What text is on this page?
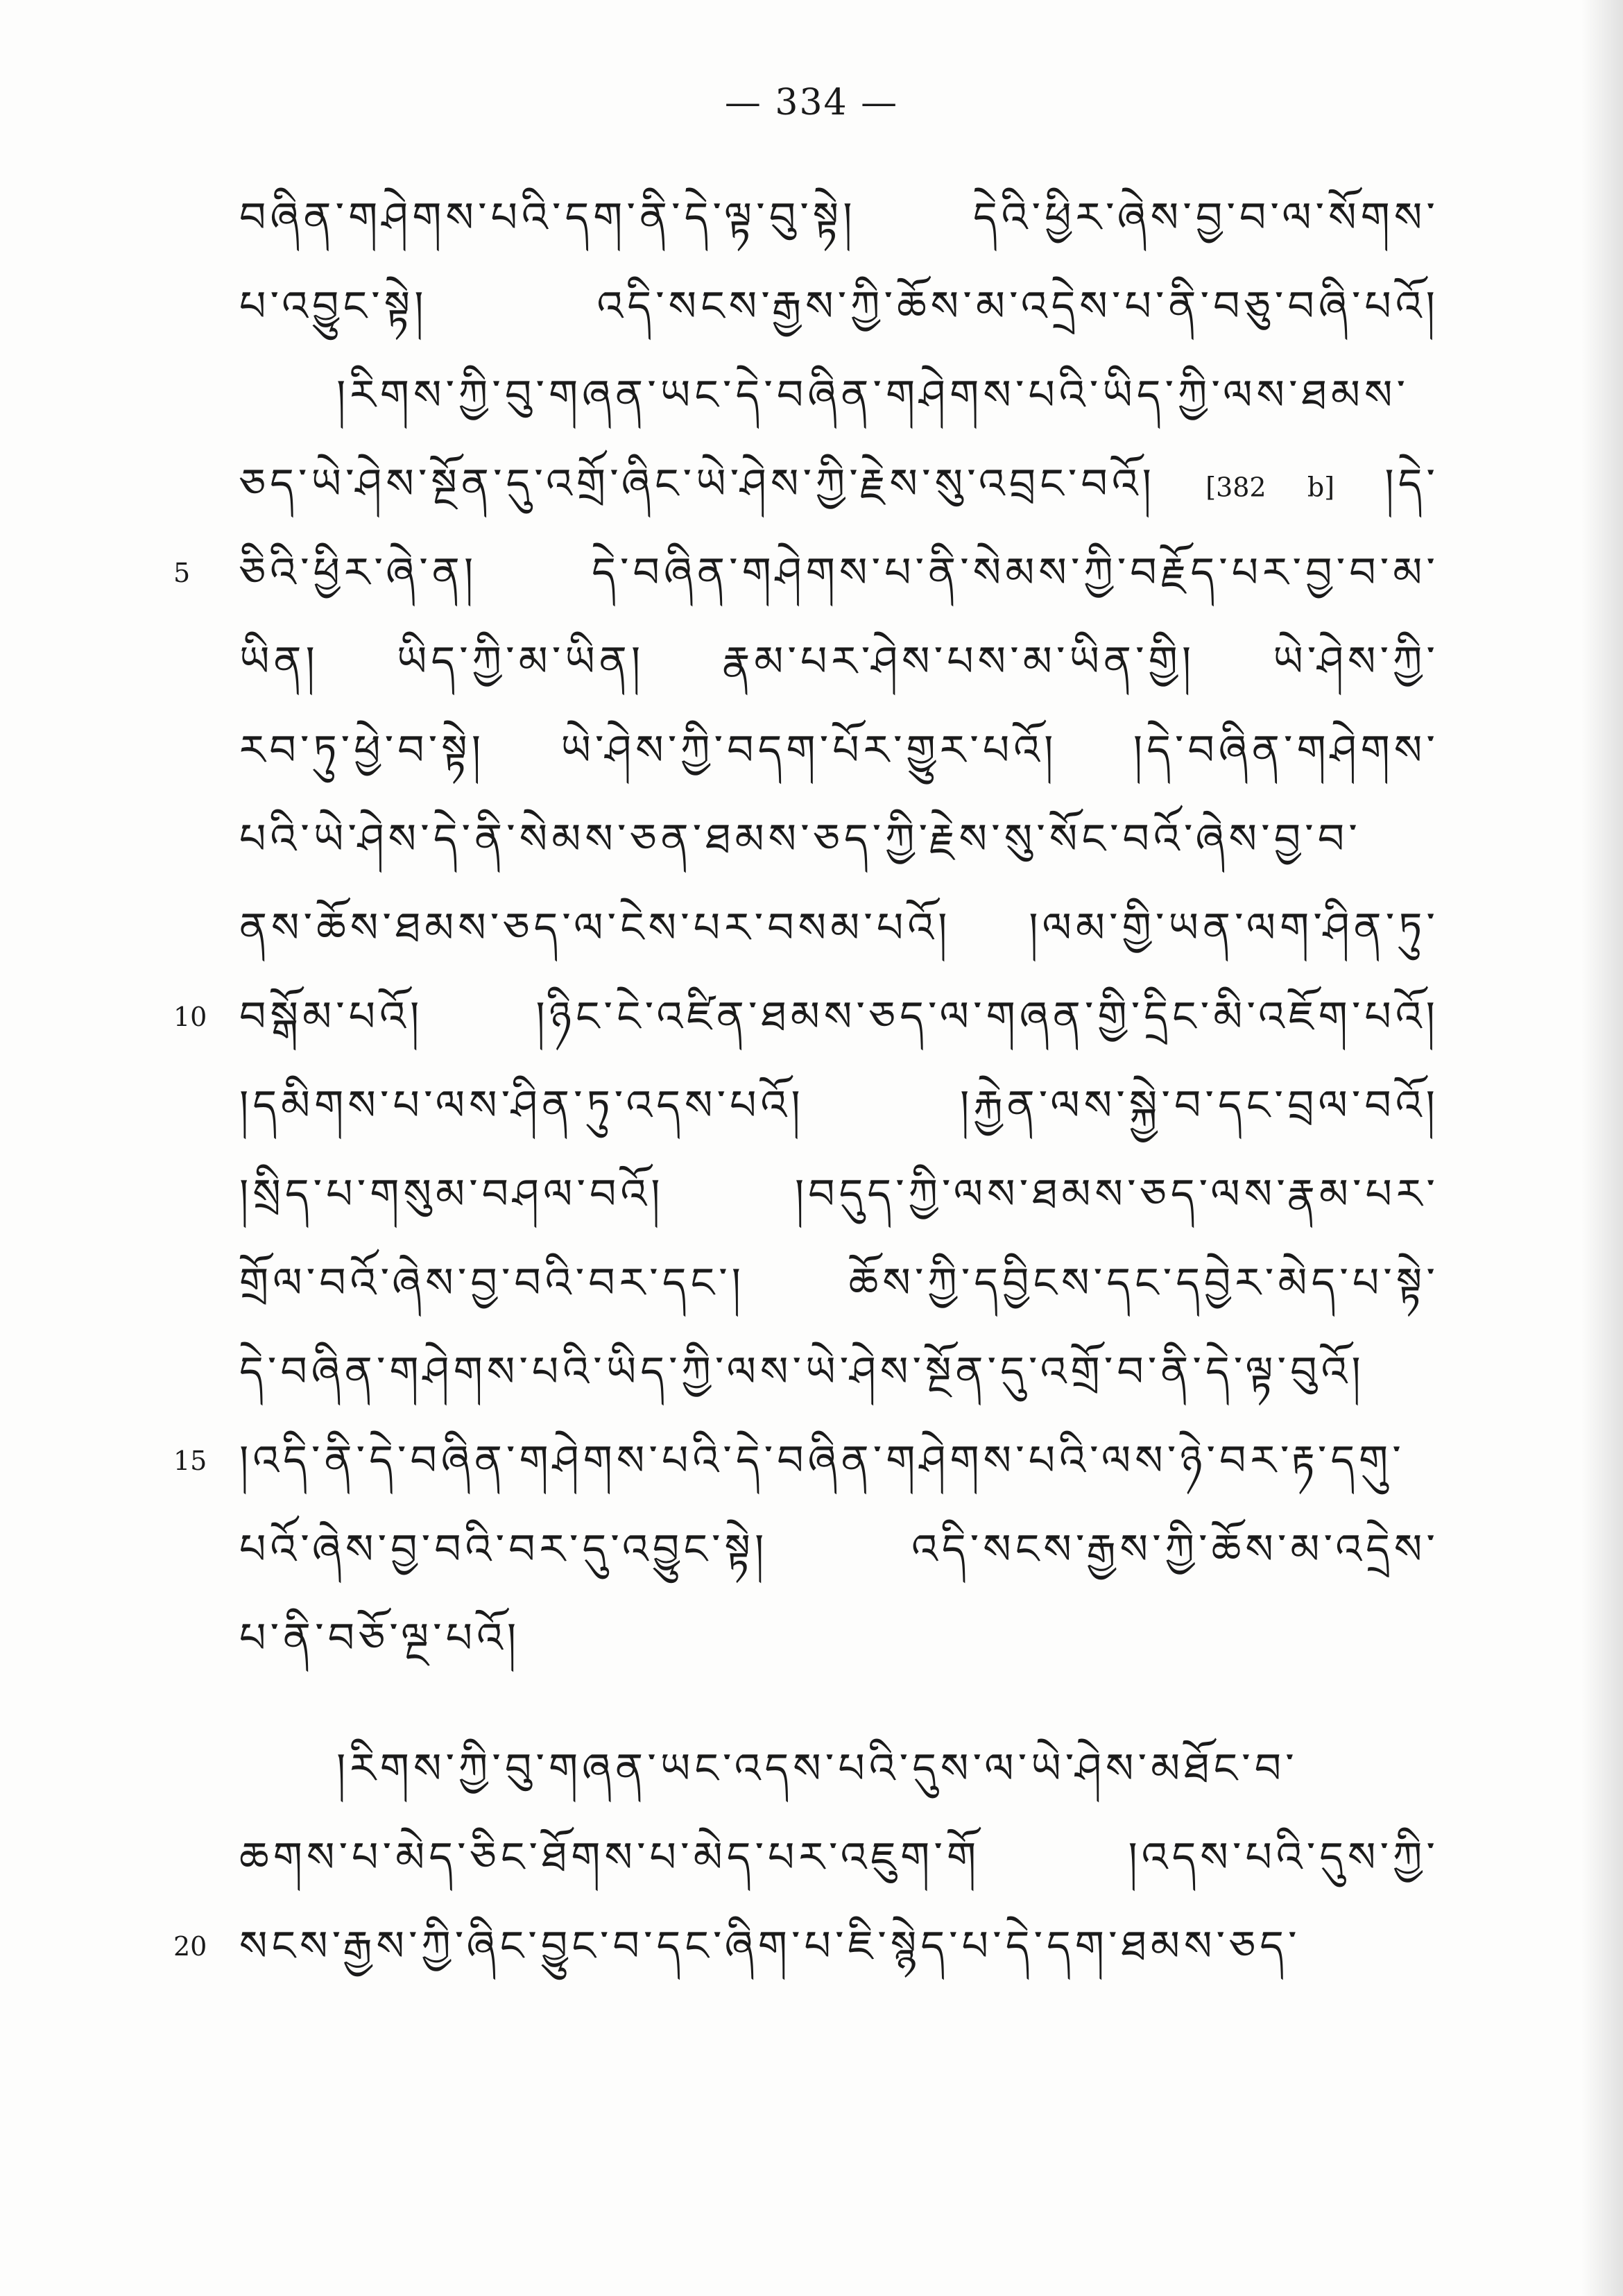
— 334 —
བཞིན་གཤེགས་པའི་དག་ནི་དེ་ལྟ་བུ་སྟེ། དེའི་ཕྱིར་ཞེས་བྱ་བ་ལ་སོགས་
པ་འབྱུང་སྟེ། འདི་སངས་རྒྱས་ཀྱི་ཆོས་མ་འདྲེས་པ་ནི་བཅུ་བཞི་པའོ།
།རིགས་ཀྱི་བུ་གཞན་ཡང་དེ་བཞིན་གཤེགས་པའི་ཡིད་ཀྱི་ལས་ཐམས་
ཅད་ཡེ་ཤེས་སྔོན་དུ་འགྲོ་ཞིང་ཡེ་ཤེས་ཀྱི་རྗེས་སུ་འབྲང་བའོ། [382 b] །དེ་
5	ཅིའི་ཕྱིར་ཞེ་ན། དེ་བཞིན་གཤེགས་པ་ནི་སེམས་ཀྱི་བརྗོད་པར་བྱ་བ་མ་
ཡིན། ཡིད་ཀྱི་མ་ཡིན། རྣམ་པར་ཤེས་པས་མ་ཡིན་གྱི། ཡེ་ཤེས་ཀྱི་
རབ་ཏུ་ཕྱེ་བ་སྟེ། ཡེ་ཤེས་ཀྱི་བདག་པོར་གྱུར་པའོ། །དེ་བཞིན་གཤེགས་
པའི་ཡེ་ཤེས་དེ་ནི་སེམས་ཅན་ཐམས་ཅད་ཀྱི་རྗེས་སུ་སོང་བའོ་ཞེས་བྱ་བ་
ནས་ཆོས་ཐམས་ཅད་ལ་ངེས་པར་བསམ་པའོ། །ལམ་གྱི་ཡན་ལག་ཤིན་ཏུ་
10 བསྒོམ་པའོ། །ཉིང་ངེ་འཛིན་ཐམས་ཅད་ལ་གཞན་གྱི་དྲིང་མི་འཇོག་པའོ།
།དམིགས་པ་ལས་ཤིན་ཏུ་འདས་པའོ། །རྐྱེན་ལས་སྐྱེ་བ་དང་བྲལ་བའོ།
།སྲིད་པ་གསུམ་བཤལ་བའོ། །བདུད་ཀྱི་ལས་ཐམས་ཅད་ལས་རྣམ་པར་
གྲོལ་བའོ་ཞེས་བྱ་བའི་བར་དང་། ཆོས་ཀྱི་དབྱིངས་དང་དབྱེར་མེད་པ་སྟེ་
དེ་བཞིན་གཤེགས་པའི་ཡིད་ཀྱི་ལས་ཡེ་ཤེས་སྔོན་དུ་འགྲོ་བ་ནི་དེ་ལྟ་བུའོ།
15 །འདི་ནི་དེ་བཞིན་གཤེགས་པའི་དེ་བཞིན་གཤེགས་པའི་ལས་ཉེ་བར་རྟ་དགུ་
པའོ་ཞེས་བྱ་བའི་བར་དུ་འབྱུང་སྟེ། འདི་སངས་རྒྱས་ཀྱི་ཆོས་མ་འདྲེས་
པ་ནི་བཅོ་ལྔ་པའོ།
།རིགས་ཀྱི་བུ་གཞན་ཡང་འདས་པའི་དུས་ལ་ཡེ་ཤེས་མཐོང་བ་
ཆགས་པ་མེད་ཅིང་ཐོགས་པ་མེད་པར་འཇུག་གོ །འདས་པའི་དུས་ཀྱི་
20 སངས་རྒྱས་ཀྱི་ཞིང་བྱུང་བ་དང་ཞིག་པ་ཇི་སྙེད་པ་དེ་དག་ཐམས་ཅད་
